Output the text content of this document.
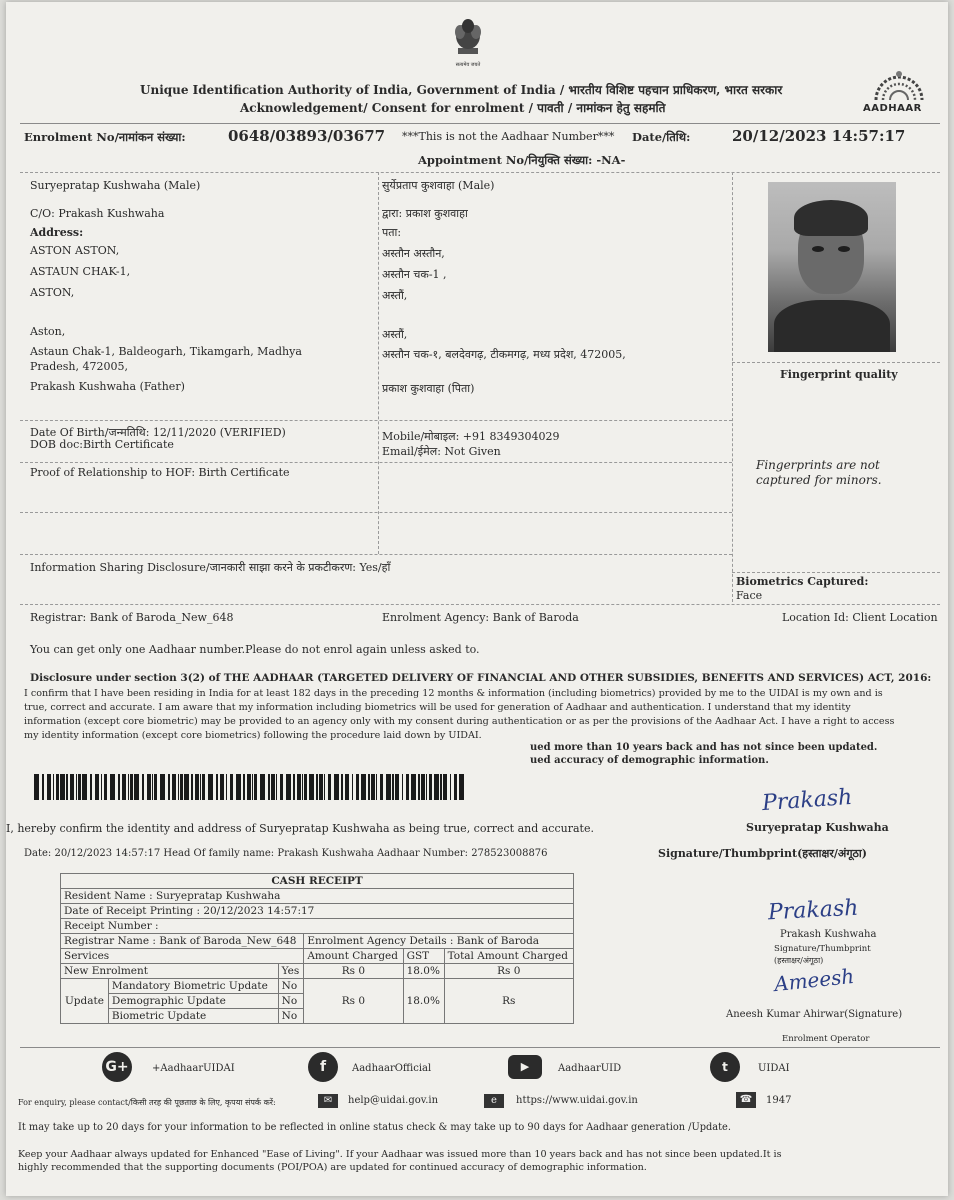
सत्यमेव जयते
AADHAAR
Unique Identification Authority of India, Government of India / भारतीय विशिष्ट पहचान प्राधिकरण, भारत सरकार
Acknowledgement/ Consent for enrolment / पावती / नामांकन हेतु सहमति
Enrolment No/नामांकन संख्या:	0648/03893/03677 ***This is not the Aadhaar Number*** Date/तिथि:	20/12/2023 14:57:17
Appointment No/नियुक्ति संख्या: -NA-
Suryepratap Kushwaha (Male)
C/O: Prakash Kushwaha
Address:
ASTON ASTON,
ASTAUN CHAK-1,
ASTON,
Aston,
Astaun Chak-1, Baldeogarh, Tikamgarh, Madhya
Pradesh, 472005,
Prakash Kushwaha (Father)
सुर्येप्रताप कुशवाहा (Male)
द्वारा: प्रकाश कुशवाहा
पता:
अस्तौन अस्तौन,
अस्तौन चक-1 ,
अस्तौं,
अस्तौं,
अस्तौन चक-१, बलदेवगढ़, टीकमगढ़, मध्य प्रदेश, 472005,
प्रकाश कुशवाहा (पिता)
Fingerprint quality
Fingerprints are not
captured for minors.
Biometrics Captured:
Face
Date Of Birth/जन्मतिथि: 12/11/2020 (VERIFIED)
DOB doc:Birth Certificate
Mobile/मोबाइल: +91 8349304029
Email/ईमेल: Not Given
Proof of Relationship to HOF: Birth Certificate
Information Sharing Disclosure/जानकारी साझा करने के प्रकटीकरण: Yes/हाँ
Registrar: Bank of Baroda_New_648	Enrolment Agency: Bank of Baroda	Location Id: Client Location
You can get only one Aadhaar number.Please do not enrol again unless asked to.
Disclosure under section 3(2) of THE AADHAAR (TARGETED DELIVERY OF FINANCIAL AND OTHER SUBSIDIES, BENEFITS AND SERVICES) ACT, 2016:
I confirm that I have been residing in India for at least 182 days in the preceding 12 months & information (including biometrics) provided by me to the UIDAI is my own and is
true, correct and accurate. I am aware that my information including biometrics will be used for generation of Aadhaar and authentication. I understand that my identity
information (except core biometric) may be provided to an agency only with my consent during authentication or as per the provisions of the Aadhaar Act. I have a right to access
my identity information (except core biometrics) following the procedure laid down by UIDAI.
ued more than 10 years back and has not since been updated.
ued accuracy of demographic information.
Prakash
I, hereby confirm the identity and address of Suryepratap Kushwaha as being true, correct and accurate.	Suryepratap Kushwaha
Date: 20/12/2023 14:57:17 Head Of family name: Prakash Kushwaha Aadhaar Number: 278523008876	Signature/Thumbprint(हस्ताक्षर/अंगूठा)
CASH RECEIPT					
Resident Name : Suryepratap Kushwaha					
Date of Receipt Printing : 20/12/2023 14:57:17					
Receipt Number :					
Registrar Name : Bank of Baroda_New_648			Enrolment Agency Details : Bank of Baroda		
Services			Amount Charged	GST	Total Amount Charged
New Enrolment		Yes	Rs 0	18.0%	Rs 0
Update	Mandatory Biometric Update	No	Rs 0	18.0%	Rs
	Demographic Update	No			
	Biometric Update	No			
Prakash
Prakash Kushwaha
Signature/Thumbprint
(हस्ताक्षर/अंगूठा)
Ameesh
Aneesh Kumar Ahirwar(Signature)
Enrolment Operator
G+	+AadhaarUIDAI	f	AadhaarOfficial	▶	AadhaarUID	t	UIDAI
For enquiry, please contact/किसी तरह की पूछताछ के लिए, कृपया संपर्क करें:	✉	help@uidai.gov.in	e	https://www.uidai.gov.in	☎	1947
It may take up to 20 days for your information to be reflected in online status check & may take up to 90 days for Aadhaar generation /Update.
Keep your Aadhaar always updated for Enhanced "Ease of Living". If your Aadhaar was issued more than 10 years back and has not since been updated.It is
highly recommended that the supporting documents (POI/POA) are updated for continued accuracy of demographic information.
